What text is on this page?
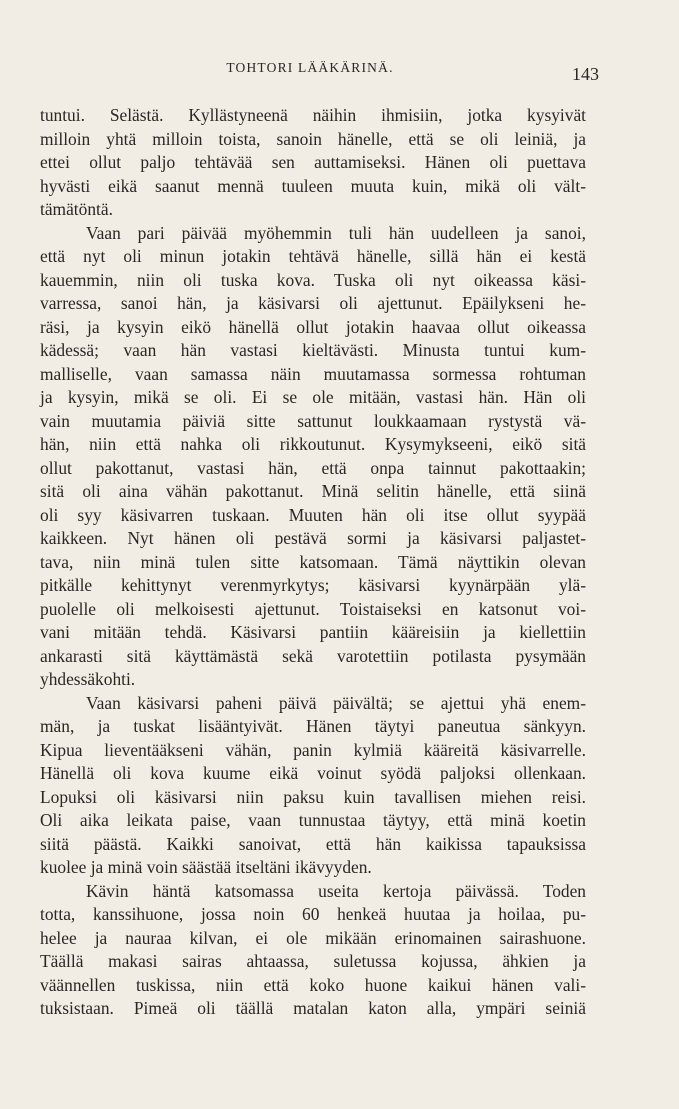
TOHTORI LÄÄKÄRINÄ.	143
tuntui. Selästä. Kyllästyneenä näihin ihmisiin, jotka kysyivät
milloin yhtä milloin toista, sanoin hänelle, että se oli leiniä, ja
ettei ollut paljo tehtävää sen auttamiseksi. Hänen oli puettava
hyvästi eikä saanut mennä tuuleen muuta kuin, mikä oli vält-
tämätöntä.
Vaan pari päivää myöhemmin tuli hän uudelleen ja sanoi,
että nyt oli minun jotakin tehtävä hänelle, sillä hän ei kestä
kauemmin, niin oli tuska kova. Tuska oli nyt oikeassa käsi-
varressa, sanoi hän, ja käsivarsi oli ajettunut. Epäilykseni he-
räsi, ja kysyin eikö hänellä ollut jotakin haavaa ollut oikeassa
kädessä; vaan hän vastasi kieltävästi. Minusta tuntui kum-
malliselle, vaan samassa näin muutamassa sormessa rohtuman
ja kysyin, mikä se oli. Ei se ole mitään, vastasi hän. Hän oli
vain muutamia päiviä sitte sattunut loukkaamaan rystystä vä-
hän, niin että nahka oli rikkoutunut. Kysymykseeni, eikö sitä
ollut pakottanut, vastasi hän, että onpa tainnut pakottaakin;
sitä oli aina vähän pakottanut. Minä selitin hänelle, että siinä
oli syy käsivarren tuskaan. Muuten hän oli itse ollut syypää
kaikkeen. Nyt hänen oli pestävä sormi ja käsivarsi paljastet-
tava, niin minä tulen sitte katsomaan. Tämä näyttikin olevan
pitkälle kehittynyt verenmyrkytys; käsivarsi kyynärpään ylä-
puolelle oli melkoisesti ajettunut. Toistaiseksi en katsonut voi-
vani mitään tehdä. Käsivarsi pantiin kääreisiin ja kiellettiin
ankarasti sitä käyttämästä sekä varotettiin potilasta pysymään
yhdessäkohti.
Vaan käsivarsi paheni päivä päivältä; se ajettui yhä enem-
män, ja tuskat lisääntyivät. Hänen täytyi paneutua sänkyyn.
Kipua lieventääkseni vähän, panin kylmiä kääreitä käsivarrelle.
Hänellä oli kova kuume eikä voinut syödä paljoksi ollenkaan.
Lopuksi oli käsivarsi niin paksu kuin tavallisen miehen reisi.
Oli aika leikata paise, vaan tunnustaa täytyy, että minä koetin
siitä päästä. Kaikki sanoivat, että hän kaikissa tapauksissa
kuolee ja minä voin säästää itseltäni ikävyyden.
Kävin häntä katsomassa useita kertoja päivässä. Toden
totta, kanssihuone, jossa noin 60 henkeä huutaa ja hoilaa, pu-
helee ja nauraa kilvan, ei ole mikään erinomainen sairashuone.
Täällä makasi sairas ahtaassa, suletussa kojussa, ähkien ja
väännellen tuskissa, niin että koko huone kaikui hänen vali-
tuksistaan. Pimeä oli täällä matalan katon alla, ympäri seiniä
